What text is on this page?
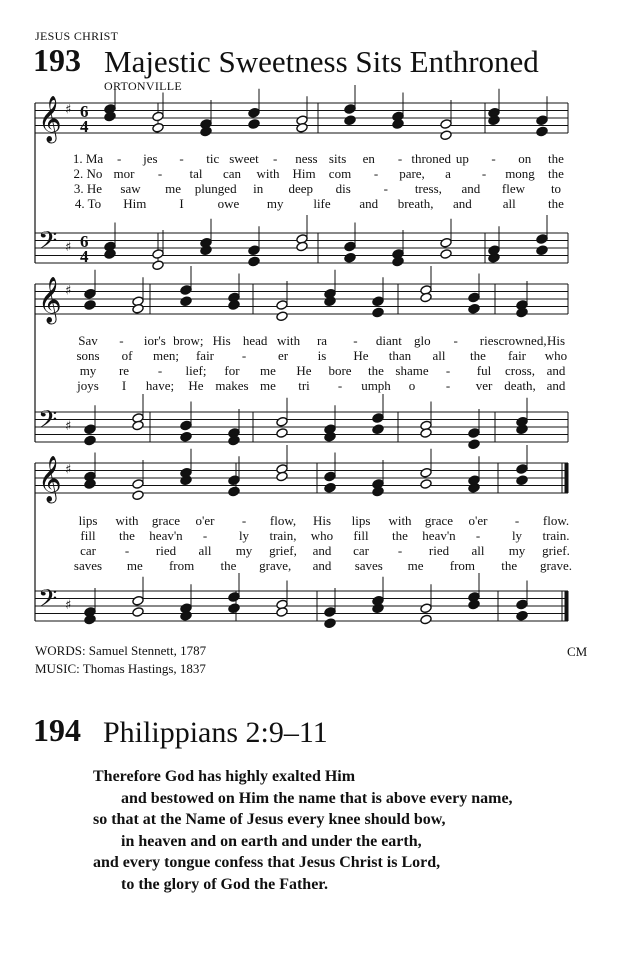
JESUS CHRIST
193 Majestic Sweetness Sits Enthroned
ORTONVILLE
𝄞
𝄢
♯
♯
6
4
6
4
1. Ma - jes - tic sweet - ness sits en - throned up - on the
2. No mor - tal can with Him com - pare, a - mong the
3. He saw me plunged in deep dis	- tress, and flew to
4. To Him	I	owe my life and breath, and all the
𝄞
𝄢
♯
♯
Sav - ior's brow; His head with ra - diant glo - ries crowned, His
sons of men; fair - er is He than all the fair who
my re - lief; for me He bore the shame - ful cross, and
joys I have; He makes me tri - umph o - ver death, and
𝄞
𝄢
♯
♯
lips with grace o'er - flow, His lips with grace o'er - flow.
fill the heav'n - ly train, who fill the heav'n - ly train.
car - ried all my grief, and car - ried all my grief.
saves me from the grave, and saves me from the grave.
WORDS: Samuel Stennett, 1787
MUSIC: Thomas Hastings, 1837
CM
194 Philippians 2:9–11
Therefore God has highly exalted Him
and bestowed on Him the name that is above every name,
so that at the Name of Jesus every knee should bow,
in heaven and on earth and under the earth,
and every tongue confess that Jesus Christ is Lord,
to the glory of God the Father.
